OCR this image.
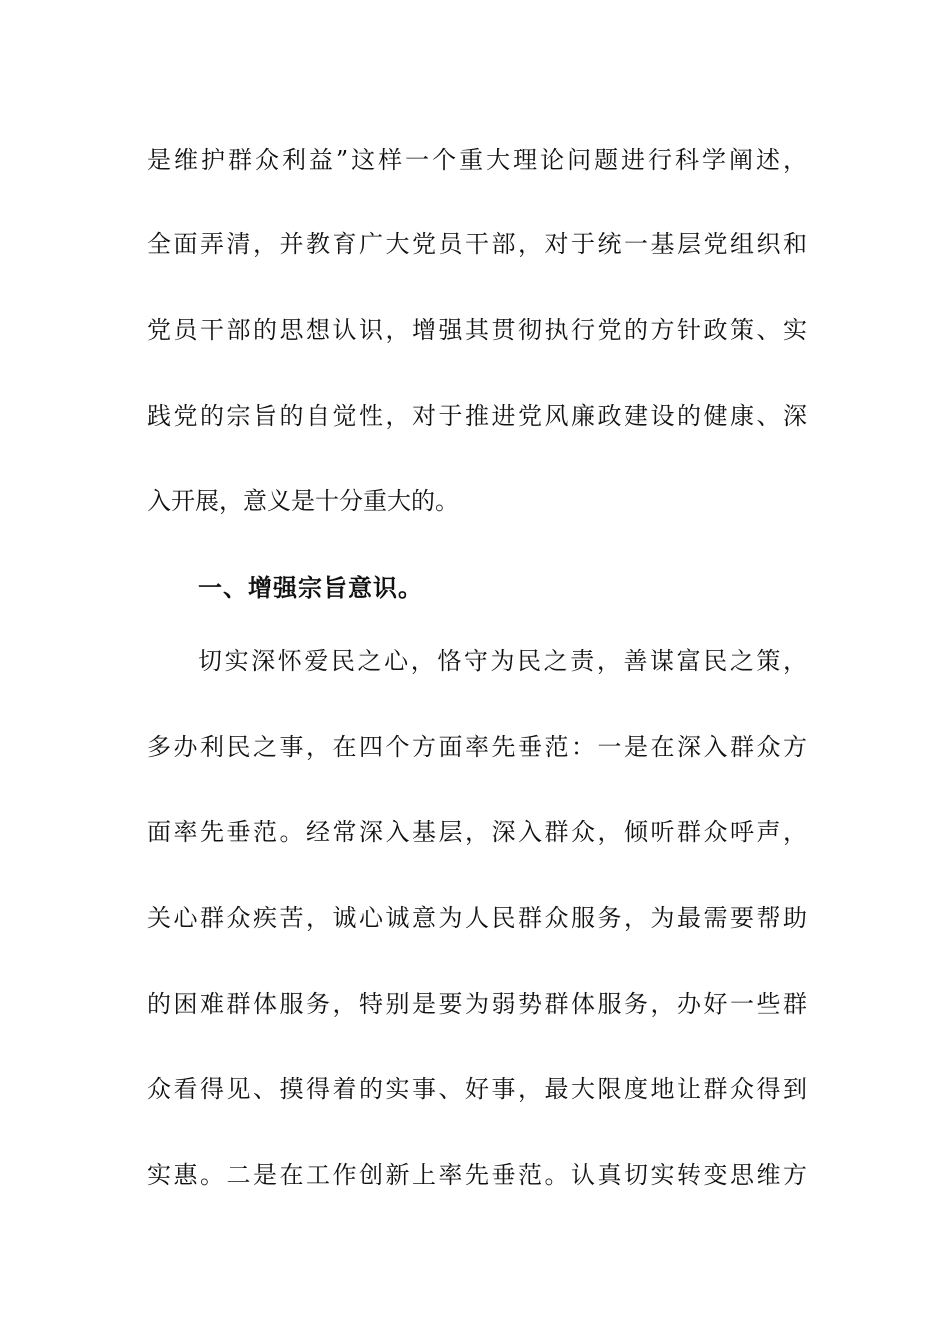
是维护群众利益”这样一个重大理论问题进行科学阐述，
全面弄清，并教育广大党员干部，对于统一基层党组织和
党员干部的思想认识，增强其贯彻执行党的方针政策、实
践党的宗旨的自觉性，对于推进党风廉政建设的健康、深
入开展，意义是十分重大的。
一、增强宗旨意识。
切实深怀爱民之心，恪守为民之责，善谋富民之策，
多办利民之事，在四个方面率先垂范：一是在深入群众方
面率先垂范。经常深入基层，深入群众，倾听群众呼声，
关心群众疾苦，诚心诚意为人民群众服务，为最需要帮助
的困难群体服务，特别是要为弱势群体服务，办好一些群
众看得见、摸得着的实事、好事，最大限度地让群众得到
实惠。二是在工作创新上率先垂范。认真切实转变思维方
